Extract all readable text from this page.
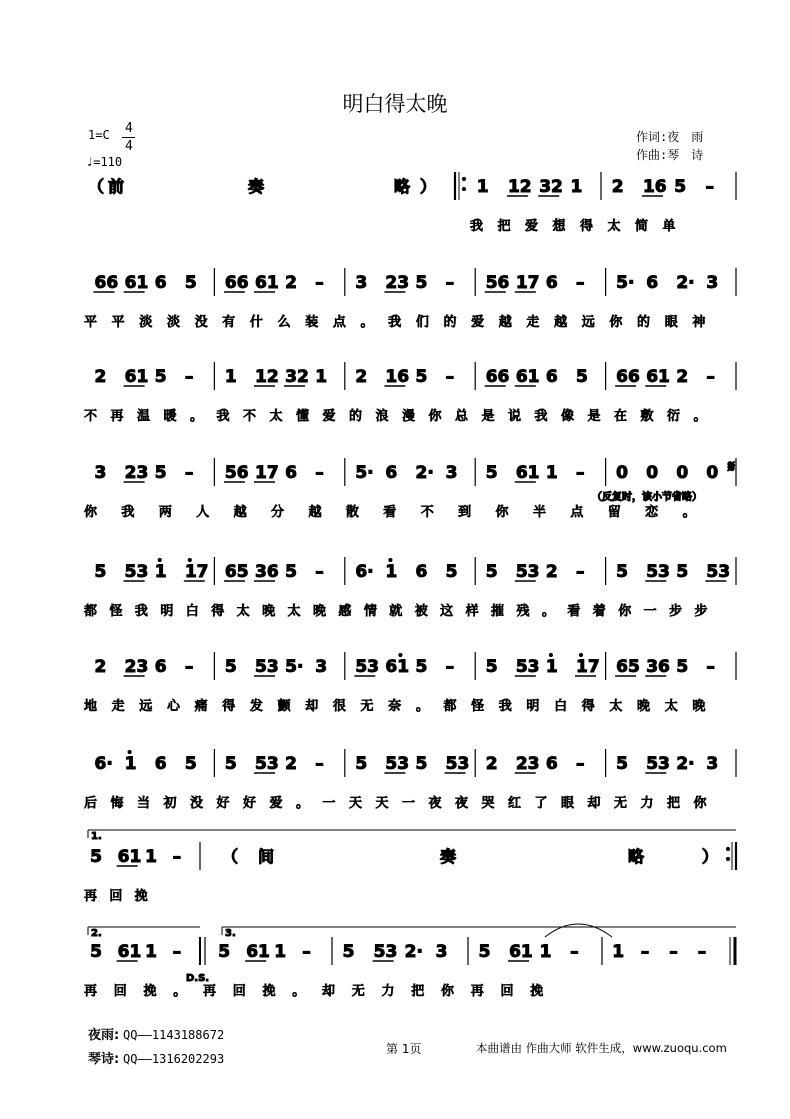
明白得太晚
1=C 4
4
♩=110
作词:夜　雨
作曲:琴　诗
（ 前	奏	略 ） 1 12 32 1 2 16 5 –
我 把 爱 想 得 太 简 单
66 61 6 5 66 61 2 – 3 23 5 – 56 17 6 – 5· 6 2· 3
平 平 淡 淡 没 有 什 么 装 点 。 我 们 的 爱 越 走 越 远 你 的 眼 神
2 61 5 – 1 12 32 1 2 16 5 – 66 61 6 5 66 61 2 –
不 再 温 暖 。 我 不 太 懂 爱 的 浪 漫 你 总 是 说 我 像 是 在 敷 衍 。
3 23 5 – 56 17 6 – 5· 6 2· 3 5 61 1 – 0 0 0 0
你 我 两 人 越 分 越 散 看 不 到 你 半 点 留 恋 。
5 53 1 17 65 36 5 – 6· 1 6 5 5 53 2 – 5 53 5 53
都 怪 我 明 白 得 太 晚 太 晚 感 情 就 被 这 样 摧 残 。 看 着 你 一 步 步
2 23 6 – 5 53 5· 3 53 61 5 – 5 53 1 17 65 36 5 –
地 走 远 心 痛 得 发 颤 却 很 无 奈 。 都 怪 我 明 白 得 太 晚 太 晚
6· 1 6 5 5 53 2 – 5 53 5 53 2 23 6 – 5 53 2· 3
后 悔 当 初 没 好 好 爱 。 一 天 天 一 夜 夜 哭 红 了 眼 却 无 力 把 你
𝄋
（反复时，该小节省略）
1.
5 61 1 –	（ 间	奏	略	）
再 回 挽
2.	3.
5 61 1 –
D.S.
5 61 1 – 5 53 2· 3 5 61 1 – 1 – – –
再 回 挽 。 再 回 挽 。 却 无 力 把 你 再 回 挽
夜雨: QQ——1143188672
琴诗: QQ——1316202293
第 1页	本曲谱由 作曲大师 软件生成，www.zuoqu.com
